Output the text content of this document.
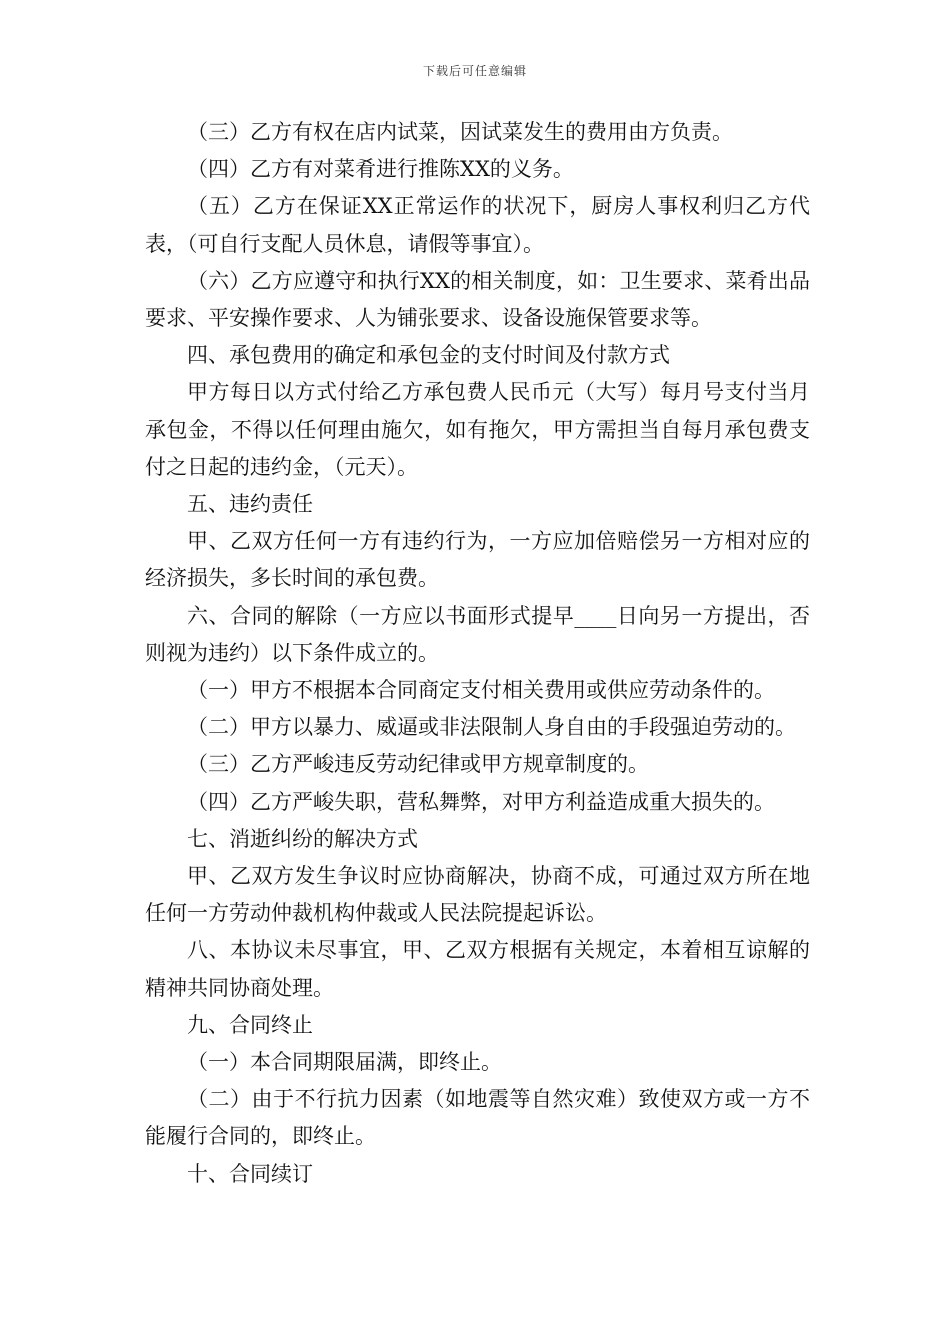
下载后可任意编辑

（三）乙方有权在店内试菜，因试菜发生的费用由方负责。

（四）乙方有对菜肴进行推陈XX的义务。

（五）乙方在保证XX正常运作的状况下，厨房人事权利归乙方代表，（可自行支配人员休息，请假等事宜）。

（六）乙方应遵守和执行XX的相关制度，如：卫生要求、菜肴出品要求、平安操作要求、人为铺张要求、设备设施保管要求等。

四、承包费用的确定和承包金的支付时间及付款方式

甲方每日以方式付给乙方承包费人民币元（大写）每月号支付当月承包金，不得以任何理由施欠，如有拖欠，甲方需担当自每月承包费支付之日起的违约金，（元天）。

五、违约责任

甲、乙双方任何一方有违约行为，一方应加倍赔偿另一方相对应的经济损失，多长时间的承包费。

六、合同的解除（一方应以书面形式提早____日向另一方提出，否则视为违约）以下条件成立的。

（一）甲方不根据本合同商定支付相关费用或供应劳动条件的。

（二）甲方以暴力、威逼或非法限制人身自由的手段强迫劳动的。

（三）乙方严峻违反劳动纪律或甲方规章制度的。

（四）乙方严峻失职，营私舞弊，对甲方利益造成重大损失的。

七、消逝纠纷的解决方式

甲、乙双方发生争议时应协商解决，协商不成，可通过双方所在地任何一方劳动仲裁机构仲裁或人民法院提起诉讼。

八、本协议未尽事宜，甲、乙双方根据有关规定，本着相互谅解的精神共同协商处理。

九、合同终止

（一）本合同期限届满，即终止。

（二）由于不行抗力因素（如地震等自然灾难）致使双方或一方不能履行合同的，即终止。

十、合同续订
